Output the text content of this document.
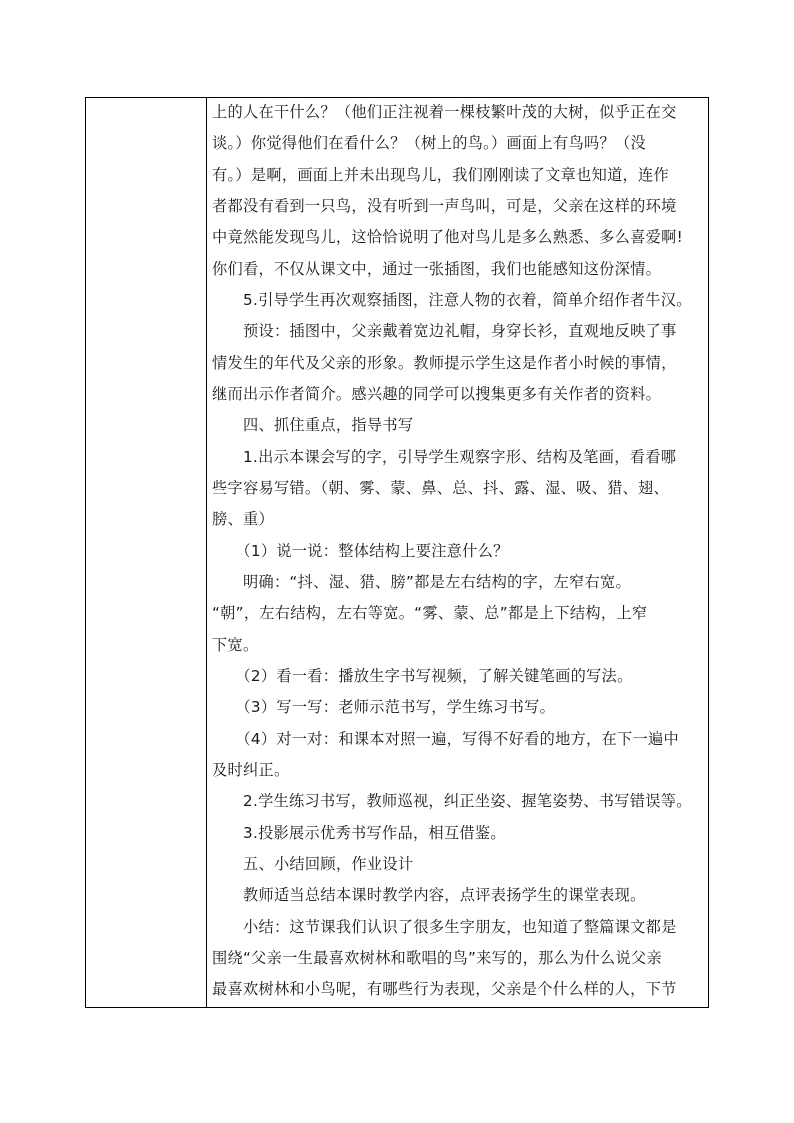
上的人在干什么？（他们正注视着一棵枝繁叶茂的大树，似乎正在交
谈。）你觉得他们在看什么？（树上的鸟。）画面上有鸟吗？（没
有。）是啊，画面上并未出现鸟儿，我们刚刚读了文章也知道，连作
者都没有看到一只鸟，没有听到一声鸟叫，可是，父亲在这样的环境
中竟然能发现鸟儿，这恰恰说明了他对鸟儿是多么熟悉、多么喜爱啊!
你们看，不仅从课文中，通过一张插图，我们也能感知这份深情。
　　5.引导学生再次观察插图，注意人物的衣着，简单介绍作者牛汉。
　　预设：插图中，父亲戴着宽边礼帽，身穿长衫，直观地反映了事
情发生的年代及父亲的形象。教师提示学生这是作者小时候的事情，
继而出示作者简介。感兴趣的同学可以搜集更多有关作者的资料。
　　四、抓住重点，指导书写
　　1.出示本课会写的字，引导学生观察字形、结构及笔画，看看哪
些字容易写错。（朝、雾、蒙、鼻、总、抖、露、湿、吸、猎、翅、
膀、重）
　　（1）说一说：整体结构上要注意什么？
　　明确：“抖、湿、猎、膀”都是左右结构的字，左窄右宽。
“朝”，左右结构，左右等宽。“雾、蒙、总”都是上下结构，上窄
下宽。
　　（2）看一看：播放生字书写视频，了解关键笔画的写法。
　　（3）写一写：老师示范书写，学生练习书写。
　　（4）对一对：和课本对照一遍，写得不好看的地方，在下一遍中
及时纠正。
　　2.学生练习书写，教师巡视，纠正坐姿、握笔姿势、书写错误等。
　　3.投影展示优秀书写作品，相互借鉴。
　　五、小结回顾，作业设计
　　教师适当总结本课时教学内容，点评表扬学生的课堂表现。
　　小结：这节课我们认识了很多生字朋友，也知道了整篇课文都是
围绕“父亲一生最喜欢树林和歌唱的鸟”来写的，那么为什么说父亲
最喜欢树林和小鸟呢，有哪些行为表现，父亲是个什么样的人，下节
